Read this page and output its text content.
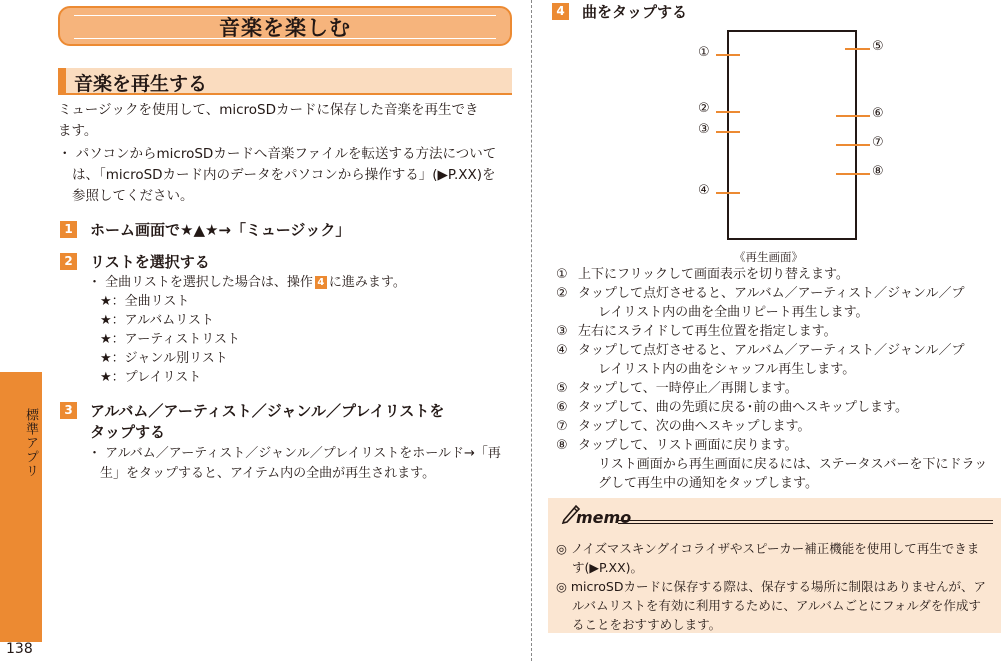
標準アプリ
138
音楽を楽しむ
音楽を再生する
ミュージックを使用して、microSDカードに保存した音楽を再生でき
ます。
・ パソコンからmicroSDカードへ音楽ファイルを転送する方法について
は、「microSDカード内のデータをパソコンから操作する」(▶P.XX)を
参照してください。
1 ホーム画面で★▲★→「ミュージック」
2 リストを選択する
・ 全曲リストを選択した場合は、操作 4 に進みます。
★：全曲リスト
★：アルバムリスト
★：アーティストリスト
★：ジャンル別リスト
★：プレイリスト
3 アルバム／アーティスト／ジャンル／プレイリストを
タップする
・ アルバム／アーティスト／ジャンル／プレイリストをホールド→「再
生」をタップすると、アイテム内の全曲が再生されます。
4 曲をタップする
①
②
③
④
⑤
⑥
⑦
⑧
《再生画面》
① 上下にフリックして画面表示を切り替えます。
② タップして点灯させると、アルバム／アーティスト／ジャンル／プ
レイリスト内の曲を全曲リピート再生します。
③ 左右にスライドして再生位置を指定します。
④ タップして点灯させると、アルバム／アーティスト／ジャンル／プ
レイリスト内の曲をシャッフル再生します。
⑤ タップして、一時停止／再開します。
⑥ タップして、曲の先頭に戻る･前の曲へスキップします。
⑦ タップして、次の曲へスキップします。
⑧ タップして、リスト画面に戻ります。
リスト画面から再生画面に戻るには、ステータスバーを下にドラッ
グして再生中の通知をタップします。
memo
◎ ノイズマスキングイコライザやスピーカー補正機能を使用して再生できま
す(▶P.XX)。
◎ microSDカードに保存する際は、保存する場所に制限はありませんが、ア
ルバムリストを有効に利用するために、アルバムごとにフォルダを作成す
ることをおすすめします。
